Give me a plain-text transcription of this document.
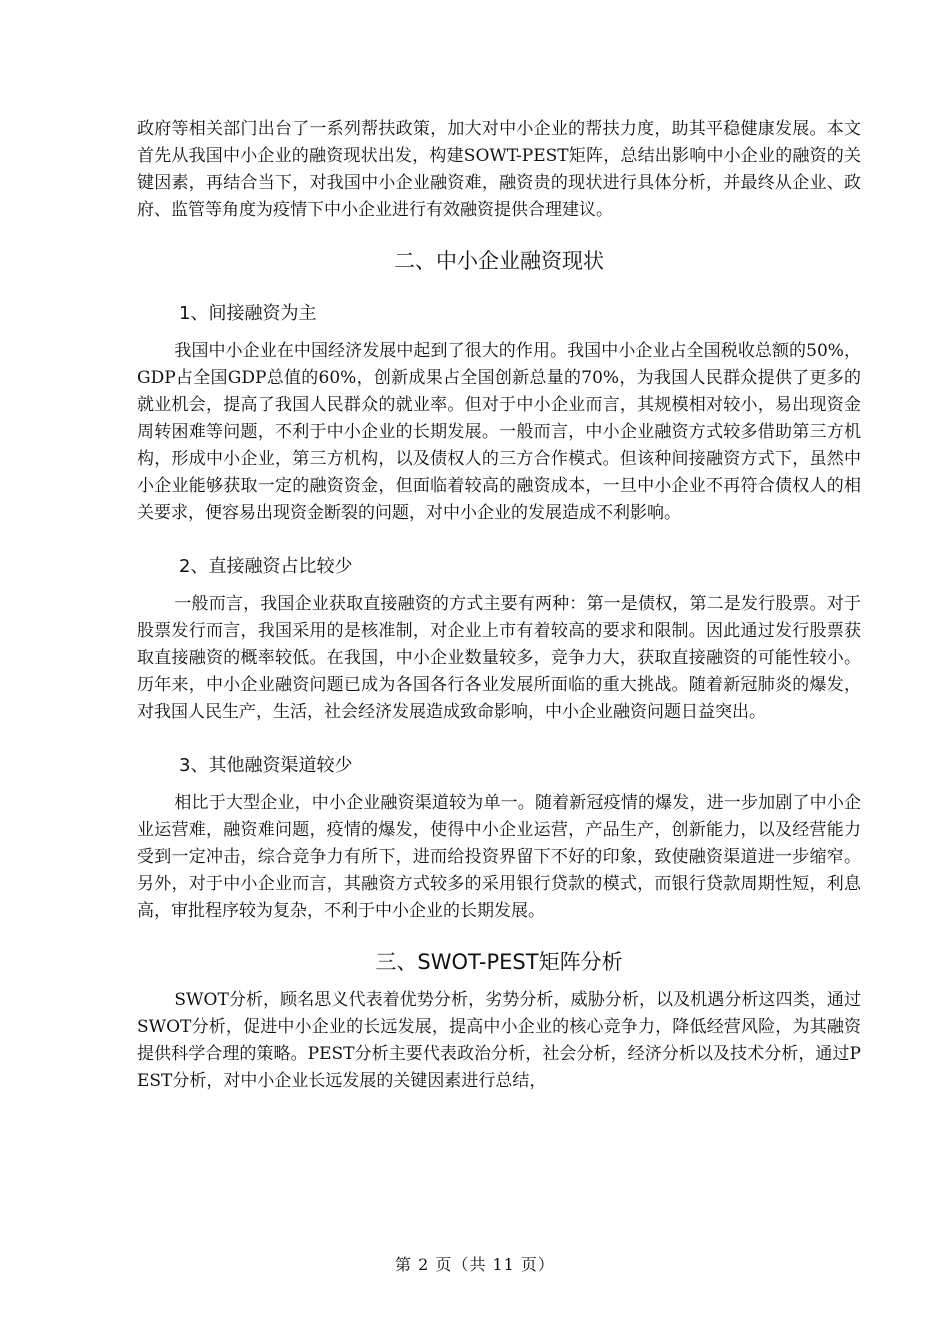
政府等相关部门出台了一系列帮扶政策，加大对中小企业的帮扶力度，助其平稳健康发展。本文首先从我国中小企业的融资现状出发，构建SOWT-PEST矩阵，总结出影响中小企业的融资的关键因素，再结合当下，对我国中小企业融资难，融资贵的现状进行具体分析，并最终从企业、政府、监管等角度为疫情下中小企业进行有效融资提供合理建议。

二、中小企业融资现状
1、间接融资为主

我国中小企业在中国经济发展中起到了很大的作用。我国中小企业占全国税收总额的50%，GDP占全国GDP总值的60%，创新成果占全国创新总量的70%，为我国人民群众提供了更多的就业机会，提高了我国人民群众的就业率。但对于中小企业而言，其规模相对较小，易出现资金周转困难等问题，不利于中小企业的长期发展。一般而言，中小企业融资方式较多借助第三方机构，形成中小企业，第三方机构，以及债权人的三方合作模式。但该种间接融资方式下，虽然中小企业能够获取一定的融资资金，但面临着较高的融资成本，一旦中小企业不再符合债权人的相关要求，便容易出现资金断裂的问题，对中小企业的发展造成不利影响。

2、直接融资占比较少

一般而言，我国企业获取直接融资的方式主要有两种：第一是债权，第二是发行股票。对于股票发行而言，我国采用的是核准制，对企业上市有着较高的要求和限制。因此通过发行股票获取直接融资的概率较低。在我国，中小企业数量较多，竞争力大，获取直接融资的可能性较小。历年来，中小企业融资问题已成为各国各行各业发展所面临的重大挑战。随着新冠肺炎的爆发，对我国人民生产，生活，社会经济发展造成致命影响，中小企业融资问题日益突出。

3、其他融资渠道较少

相比于大型企业，中小企业融资渠道较为单一。随着新冠疫情的爆发，进一步加剧了中小企业运营难，融资难问题，疫情的爆发，使得中小企业运营，产品生产，创新能力，以及经营能力受到一定冲击，综合竞争力有所下，进而给投资界留下不好的印象，致使融资渠道进一步缩窄。另外，对于中小企业而言，其融资方式较多的采用银行贷款的模式，而银行贷款周期性短，利息高，审批程序较为复杂，不利于中小企业的长期发展。

三、SWOT-PEST矩阵分析

SWOT分析，顾名思义代表着优势分析，劣势分析，威胁分析，以及机遇分析这四类，通过SWOT分析，促进中小企业的长远发展，提高中小企业的核心竞争力，降低经营风险，为其融资提供科学合理的策略。PEST分析主要代表政治分析，社会分析，经济分析以及技术分析，通过PEST分析，对中小企业长远发展的关键因素进行总结，

第 2 页（共 11 页）
